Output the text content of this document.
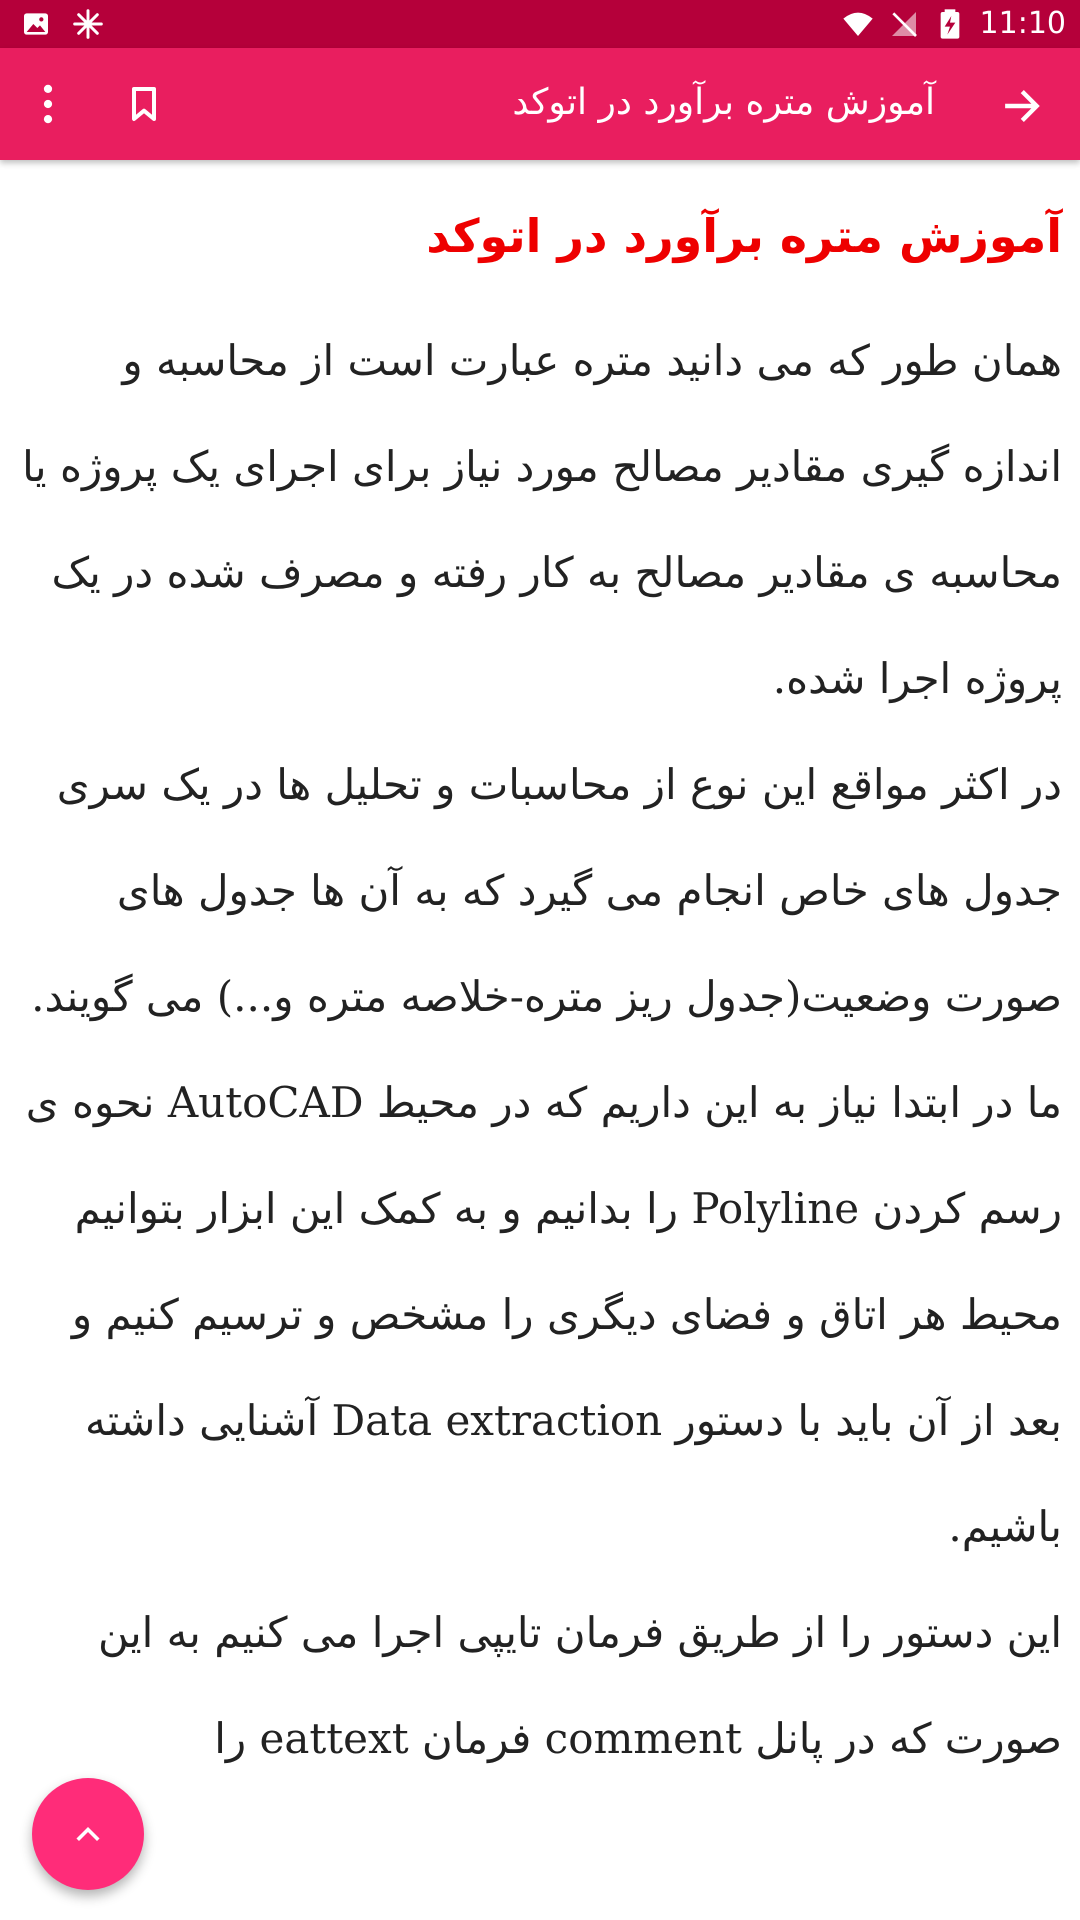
11:10
آموزش متره برآورد در اتوکد
آموزش متره برآورد در اتوکد

همان طور که می دانید متره عبارت است از محاسبه و اندازه گیری مقادیر مصالح مورد نیاز برای اجرای یک پروژه یا محاسبه ی مقادیر مصالح به کار رفته و مصرف شده در یک پروژه اجرا شده.

در اکثر مواقع این نوع از محاسبات و تحلیل ها در یک سری جدول های خاص انجام می گیرد که به آن ها جدول های صورت وضعیت(جدول ریز متره-خلاصه متره و...) می گویند.

ما در ابتدا نیاز به این داریم که در محیط AutoCAD نحوه ی رسم کردن Polyline را بدانیم و به کمک این ابزار بتوانیم محیط هر اتاق و فضای دیگری را مشخص و ترسیم کنیم و بعد از آن باید با دستور Data extraction آشنایی داشته باشیم.

این دستور را از طریق فرمان تایپی اجرا می کنیم به این صورت که در پانل comment فرمان eattext را
